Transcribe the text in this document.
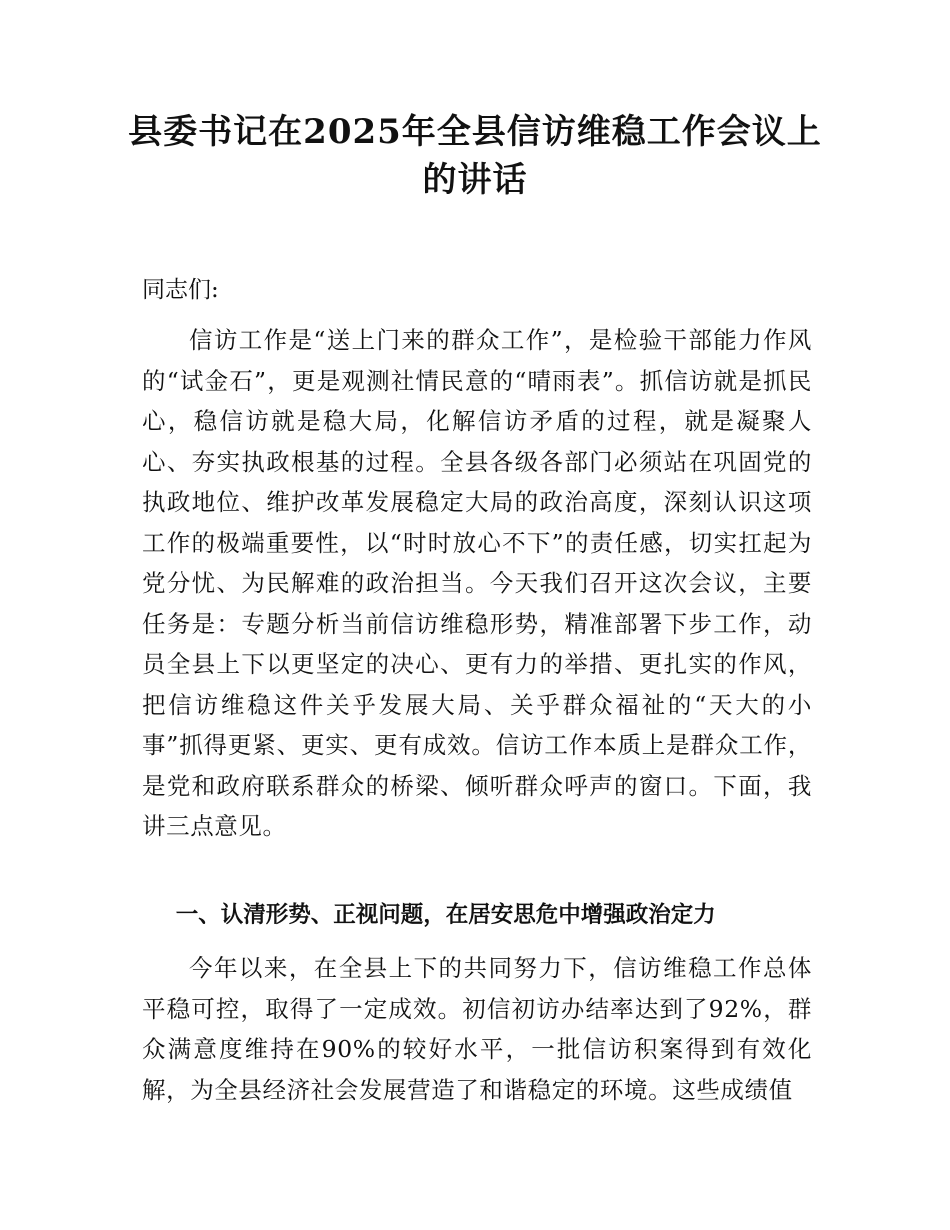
县委书记在2025年全县信访维稳工作会议上的讲话

同志们:

信访工作是“送上门来的群众工作”，是检验干部能力作风的“试金石”，更是观测社情民意的“晴雨表”。抓信访就是抓民心，稳信访就是稳大局，化解信访矛盾的过程，就是凝聚人心、夯实执政根基的过程。全县各级各部门必须站在巩固党的执政地位、维护改革发展稳定大局的政治高度，深刻认识这项工作的极端重要性，以“时时放心不下”的责任感，切实扛起为党分忧、为民解难的政治担当。今天我们召开这次会议，主要任务是：专题分析当前信访维稳形势，精准部署下步工作，动员全县上下以更坚定的决心、更有力的举措、更扎实的作风，把信访维稳这件关乎发展大局、关乎群众福祉的“天大的小事”抓得更紧、更实、更有成效。信访工作本质上是群众工作，是党和政府联系群众的桥梁、倾听群众呼声的窗口。下面，我讲三点意见。

一、认清形势、正视问题，在居安思危中增强政治定力

今年以来，在全县上下的共同努力下，信访维稳工作总体平稳可控，取得了一定成效。初信初访办结率达到了92%，群众满意度维持在90%的较好水平，一批信访积案得到有效化解，为全县经济社会发展营造了和谐稳定的环境。这些成绩值
